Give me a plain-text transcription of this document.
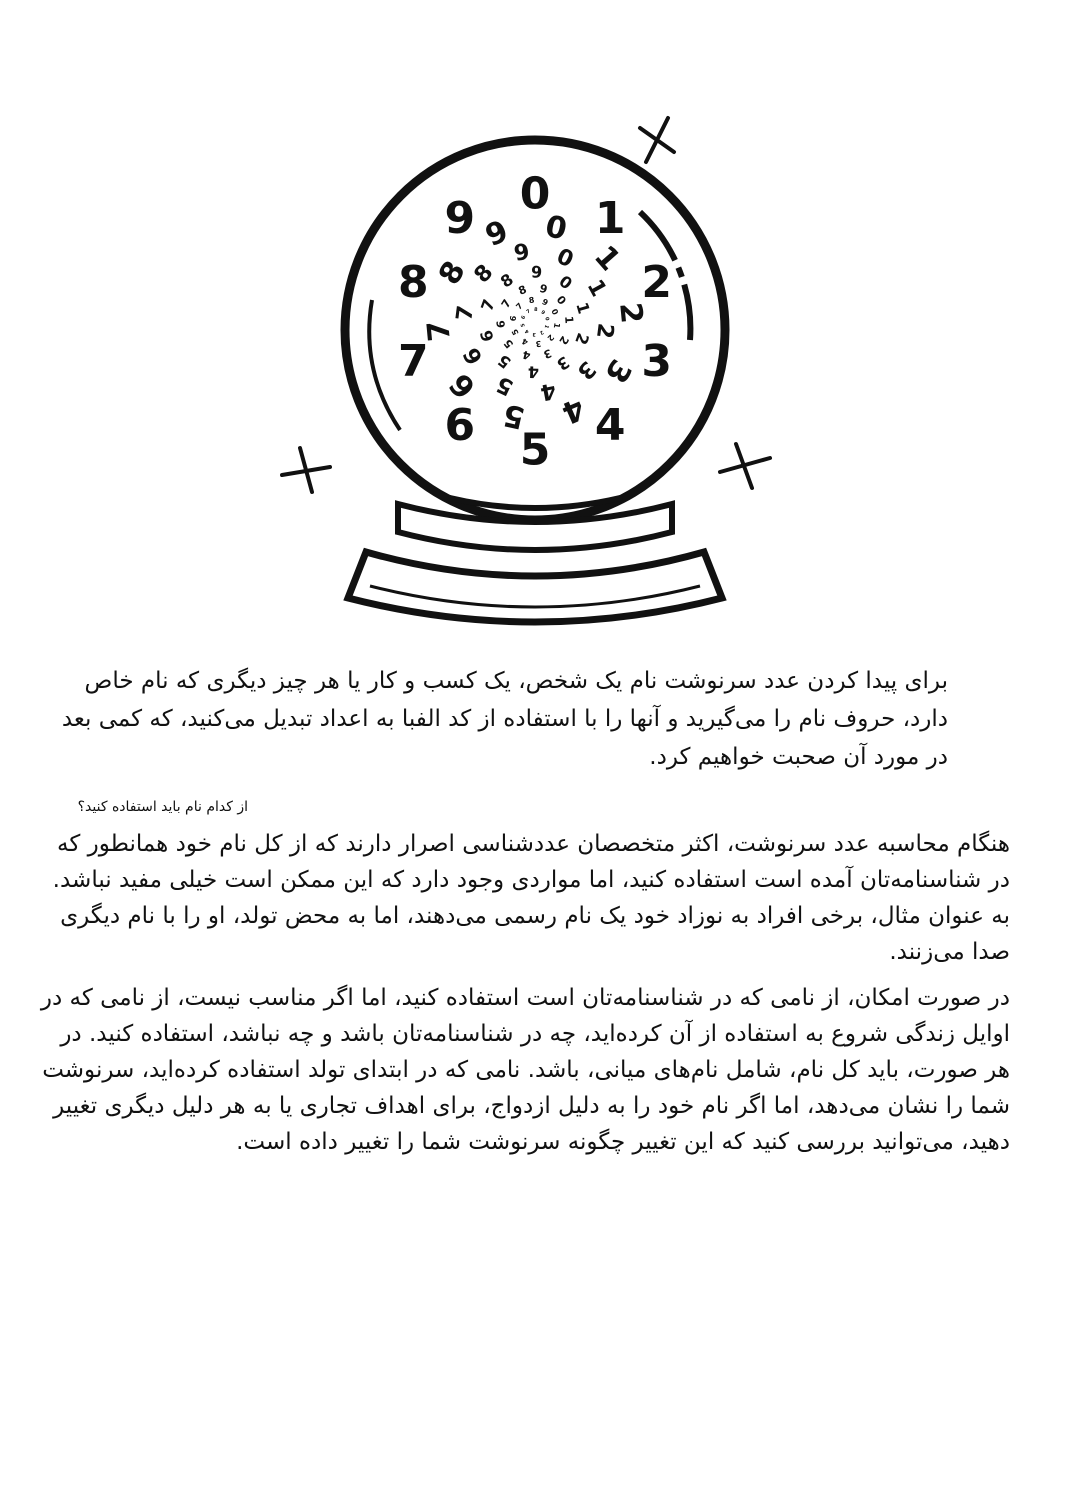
0 1
2
3
4
5
6
7
8
9 0
1
2
3
4
5
6
7
8
9
0
1
2
3
4
5
6
7
8
9
0
1
2
3
4
5
6
7
8 9
0
1
2
3
4
5
6
7
8 9
0
1
2
3
4
5
6
7
8 9
0
1
2
3
4
5
6
7 8 9
برای پیدا کردن عدد سرنوشت نام یک شخص، یک کسب و کار یا هر چیز دیگری که نام خاص دارد، حروف نام را می‌گیرید و آنها را با استفاده از کد الفبا به اعداد تبدیل می‌کنید، که کمی بعد در مورد آن صحبت خواهیم کرد.
از کدام نام باید استفاده کنید؟
هنگام محاسبه عدد سرنوشت، اکثر متخصصان عددشناسی اصرار دارند که از کل نام خود همانطور که در شناسنامه‌تان آمده است استفاده کنید، اما مواردی وجود دارد که این ممکن است خیلی مفید نباشد. به عنوان مثال، برخی افراد به نوزاد خود یک نام رسمی می‌دهند، اما به محض تولد، او را با نام دیگری صدا می‌زنند.
در صورت امکان، از نامی که در شناسنامه‌تان است استفاده کنید، اما اگر مناسب نیست، از نامی که در اوایل زندگی شروع به استفاده از آن کرده‌اید، چه در شناسنامه‌تان باشد و چه نباشد، استفاده کنید. در هر صورت، باید کل نام، شامل نام‌های میانی، باشد. نامی که در ابتدای تولد استفاده کرده‌اید، سرنوشت شما را نشان می‌دهد، اما اگر نام خود را به دلیل ازدواج، برای اهداف تجاری یا به هر دلیل دیگری تغییر دهید، می‌توانید بررسی کنید که این تغییر چگونه سرنوشت شما را تغییر داده است.
